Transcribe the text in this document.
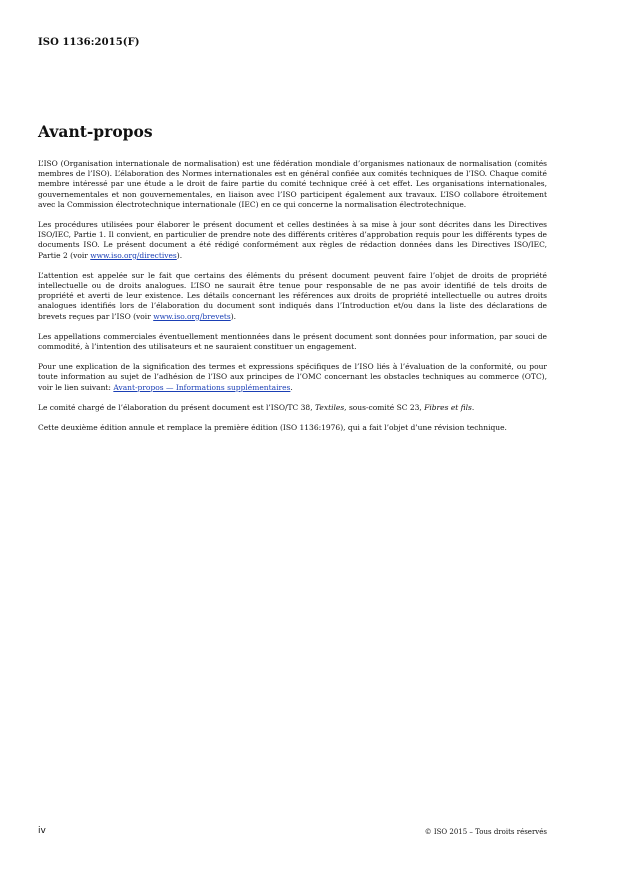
ISO 1136:2015(F)
Avant-propos

L’ISO (Organisation internationale de normalisation) est une fédération mondiale d’organismes nationaux de normalisation (comités membres de l’ISO). L’élaboration des Normes internationales est en général confiée aux comités techniques de l’ISO. Chaque comité membre intéressé par une étude a le droit de faire partie du comité technique créé à cet effet. Les organisations internationales, gouvernementales et non gouvernementales, en liaison avec l’ISO participent également aux travaux. L’ISO collabore étroitement avec la Commission électrotechnique internationale (IEC) en ce qui concerne la normalisation électrotechnique.

Les procédures utilisées pour élaborer le présent document et celles destinées à sa mise à jour sont décrites dans les Directives ISO/IEC, Partie 1. Il convient, en particulier de prendre note des différents critères d’approbation requis pour les différents types de documents ISO. Le présent document a été rédigé conformément aux règles de rédaction données dans les Directives ISO/IEC, Partie 2 (voir www.iso.org/directives).

L’attention est appelée sur le fait que certains des éléments du présent document peuvent faire l’objet de droits de propriété intellectuelle ou de droits analogues. L’ISO ne saurait être tenue pour responsable de ne pas avoir identifié de tels droits de propriété et averti de leur existence. Les détails concernant les références aux droits de propriété intellectuelle ou autres droits analogues identifiés lors de l’élaboration du document sont indiqués dans l’Introduction et/ou dans la liste des déclarations de brevets reçues par l’ISO (voir www.iso.org/brevets).

Les appellations commerciales éventuellement mentionnées dans le présent document sont données pour information, par souci de commodité, à l’intention des utilisateurs et ne sauraient constituer un engagement.

Pour une explication de la signification des termes et expressions spécifiques de l’ISO liés à l’évaluation de la conformité, ou pour toute information au sujet de l’adhésion de l’ISO aux principes de l’OMC concernant les obstacles techniques au commerce (OTC), voir le lien suivant: Avant-propos — Informations supplémentaires.

Le comité chargé de l’élaboration du présent document est l’ISO/TC 38, Textiles, sous-comité SC 23, Fibres et fils.

Cette deuxième édition annule et remplace la première édition (ISO 1136:1976), qui a fait l’objet d’une révision technique.

iv	© ISO 2015 – Tous droits réservés
